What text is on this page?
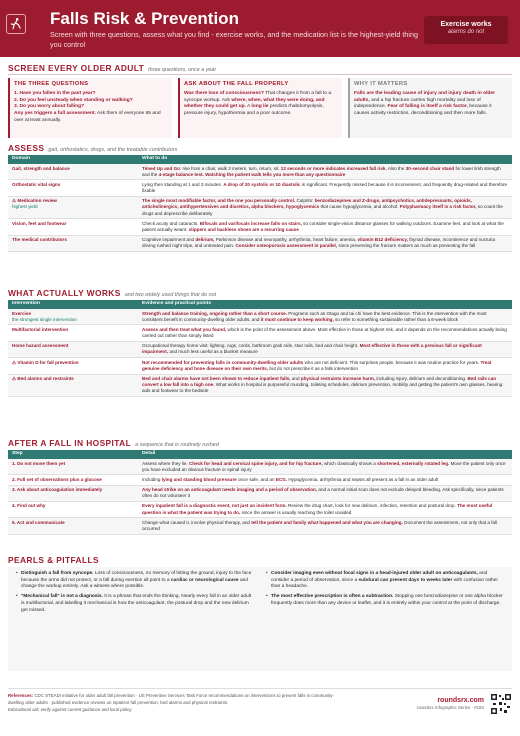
Falls Risk & Prevention
Screen with three questions, assess what you find - exercise works, and the medication list is the highest-yield thing you control
Exercise works
alarms do not
SCREEN EVERY OLDER ADULT three questions, once a year
THE THREE QUESTIONS

1. Have you fallen in the past year?
2. Do you feel unsteady when standing or walking?
3. Do you worry about falling?
Any yes triggers a full assessment. Ask them of everyone 65 and over at least annually.

ASK ABOUT THE FALL PROPERLY

Was there loss of consciousness? That changes it from a fall to a syncope workup. Ask where, when, what they were doing, and whether they could get up. A long lie predicts rhabdomyolysis, pressure injury, hypothermia and a poor outcome.

WHY IT MATTERS

Falls are the leading cause of injury and injury death in older adults, and a hip fracture carries high mortality and loss of independence. Fear of falling is itself a risk factor, because it causes activity restriction, deconditioning and then more falls.

ASSESS gait, orthostatics, drugs, and the treatable contributors
Domain	What to do
Gait, strength and balance	Timed Up and Go: rise from a chair, walk 3 meters, turn, return, sit. 12 seconds or more indicates increased fall risk. Also the 30-second chair stand for lower limb strength and the 4-stage balance test. Watching the patient walk tells you more than any questionnaire
Orthostatic vital signs	Lying then standing at 1 and 3 minutes. A drop of 20 systolic or 10 diastolic is significant. Frequently missed because it is inconvenient, and frequently drug-related and therefore fixable
⚠ Medication review
highest yield	The single most modifiable factor, and the one you personally control. Culprits: benzodiazepines and Z-drugs, antipsychotics, antidepressants, opioids, anticholinergics, antihypertensives and diuretics, alpha blockers, hypoglycemics that cause hypoglycemia, and alcohol. Polypharmacy itself is a risk factor, so count the drugs and deprescribe deliberately
Vision, feet and footwear	Check acuity and cataracts. Bifocals and varifocals increase falls on stairs, so consider single-vision distance glasses for walking outdoors. Examine feet, and look at what the patient actually wears: slippers and backless shoes are a recurring cause
The medical contributors	Cognitive impairment and delirium, Parkinson disease and neuropathy, arrhythmia, heart failure, anemia, vitamin B12 deficiency, thyroid disease, incontinence and nocturia driving rushed night trips, and untreated pain. Consider osteoporosis assessment in parallel, since preventing the fracture matters as much as preventing the fall
WHAT ACTUALLY WORKS and two widely used things that do not
Intervention	Evidence and practical points
Exercise
the strongest single intervention	Strength and balance training, ongoing rather than a short course. Programs such as Otago and tai chi have the best evidence. This is the intervention with the most consistent benefit in community-dwelling older adults, and it must continue to keep working, so refer to something sustainable rather than a 6-week block
Multifactorial intervention	Assess and then treat what you found, which is the point of the assessment above. Most effective in those at highest risk, and it depends on the recommendations actually being carried out rather than simply listed
Home hazard assessment	Occupational therapy home visit: lighting, rugs, cords, bathroom grab rails, stair rails, bed and chair height. Most effective in those with a previous fall or significant impairment, and much less useful as a blanket measure
⚠ Vitamin D for fall prevention	Not recommended for preventing falls in community-dwelling older adults who are not deficient. This surprises people, because it was routine practice for years. Treat genuine deficiency and bone disease on their own merits, but do not prescribe it as a falls intervention
⚠ Bed alarms and restraints	Bed and chair alarms have not been shown to reduce inpatient falls, and physical restraints increase harm, including injury, delirium and deconditioning. Bed rails can convert a low fall into a high one. What works in hospital is purposeful rounding, toileting schedules, delirium prevention, mobility and getting the patient's own glasses, hearing aids and footwear to the bedside
AFTER A FALL IN HOSPITAL a sequence that is routinely rushed
Step	Detail
1. Do not move them yet	Assess where they lie. Check for head and cervical spine injury, and for hip fracture, which classically shows a shortened, externally rotated leg. Move the patient only once you have excluded an obvious fracture or spinal injury
2. Full set of observations plus a glucose	Including lying and standing blood pressure once safe, and an ECG. Hypoglycemia, arrhythmia and sepsis all present as a fall in an older adult
3. Ask about anticoagulation immediately	Any head strike on an anticoagulant needs imaging and a period of observation, and a normal initial scan does not exclude delayed bleeding. Ask specifically, since patients often do not volunteer it
4. Find out why	Every inpatient fall is a diagnostic event, not just an incident form. Review the drug chart, look for new delirium, infection, retention and postural drop. The most useful question is what the patient was trying to do, since the answer is usually reaching the toilet unaided
5. Act and communicate	Change what caused it, involve physical therapy, and tell the patient and family what happened and what you are changing. Document the assessment, not only that a fall occurred
PEARLS & PITFALLS
• Distinguish a fall from syncope. Loss of consciousness, no memory of hitting the ground, injury to the face because the arms did not protect, or a fall during exertion all point to a cardiac or neurological cause and change the workup entirely. Ask a witness where possible.
• "Mechanical fall" is not a diagnosis. It is a phrase that ends the thinking. Nearly every fall in an older adult is multifactorial, and labelling it mechanical is how the anticoagulant, the postural drop and the new delirium get missed.
• Consider imaging even without focal signs in a head-injured older adult on anticoagulants, and consider a period of observation, since a subdural can present days to weeks later with confusion rather than a headache.
• The most effective prescription is often a subtraction. Stopping one benzodiazepine or one alpha blocker frequently does more than any device or leaflet, and it is entirely within your control at the point of discharge.
References: CDC STEADI initiative for older adult fall prevention · US Preventive Services Task Force recommendations on interventions to prevent falls in community-
dwelling older adults · published evidence reviews on inpatient fall prevention, bed alarms and physical restraints.
Educational aid; verify against current guidance and local policy.
roundsrx.com
roundsrx Infographic Series · #184
